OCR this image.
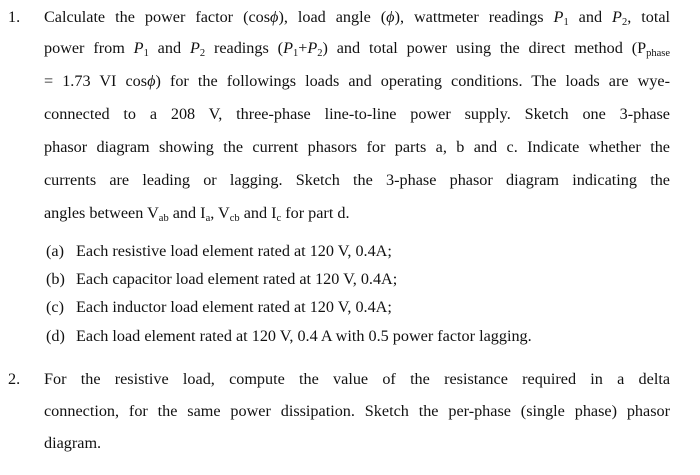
1. Calculate the power factor (cosϕ), load angle (ϕ), wattmeter readings $P_1$ and $P_2$, total
power from $P_1$ and $P_2$ readings $(P_1+P_2)$ and total power using the direct method ($P_{phase}$
= 1.73 VI cosϕ) for the followings loads and operating conditions. The loads are wye-
connected to a 208 V, three-phase line-to-line power supply. Sketch one 3-phase
phasor diagram showing the current phasors for parts a, b and c. Indicate whether the
currents are leading or lagging. Sketch the 3-phase phasor diagram indicating the
angles between $V_{ab}$ and $I_a$, $V_{cb}$ and $I_c$ for part d.
(a) Each resistive load element rated at 120 V, 0.4A;
(b) Each capacitor load element rated at 120 V, 0.4A;
(c) Each inductor load element rated at 120 V, 0.4A;
(d) Each load element rated at 120 V, 0.4 A with 0.5 power factor lagging.
2. For the resistive load, compute the value of the resistance required in a delta
connection, for the same power dissipation. Sketch the per-phase (single phase) phasor
diagram.
